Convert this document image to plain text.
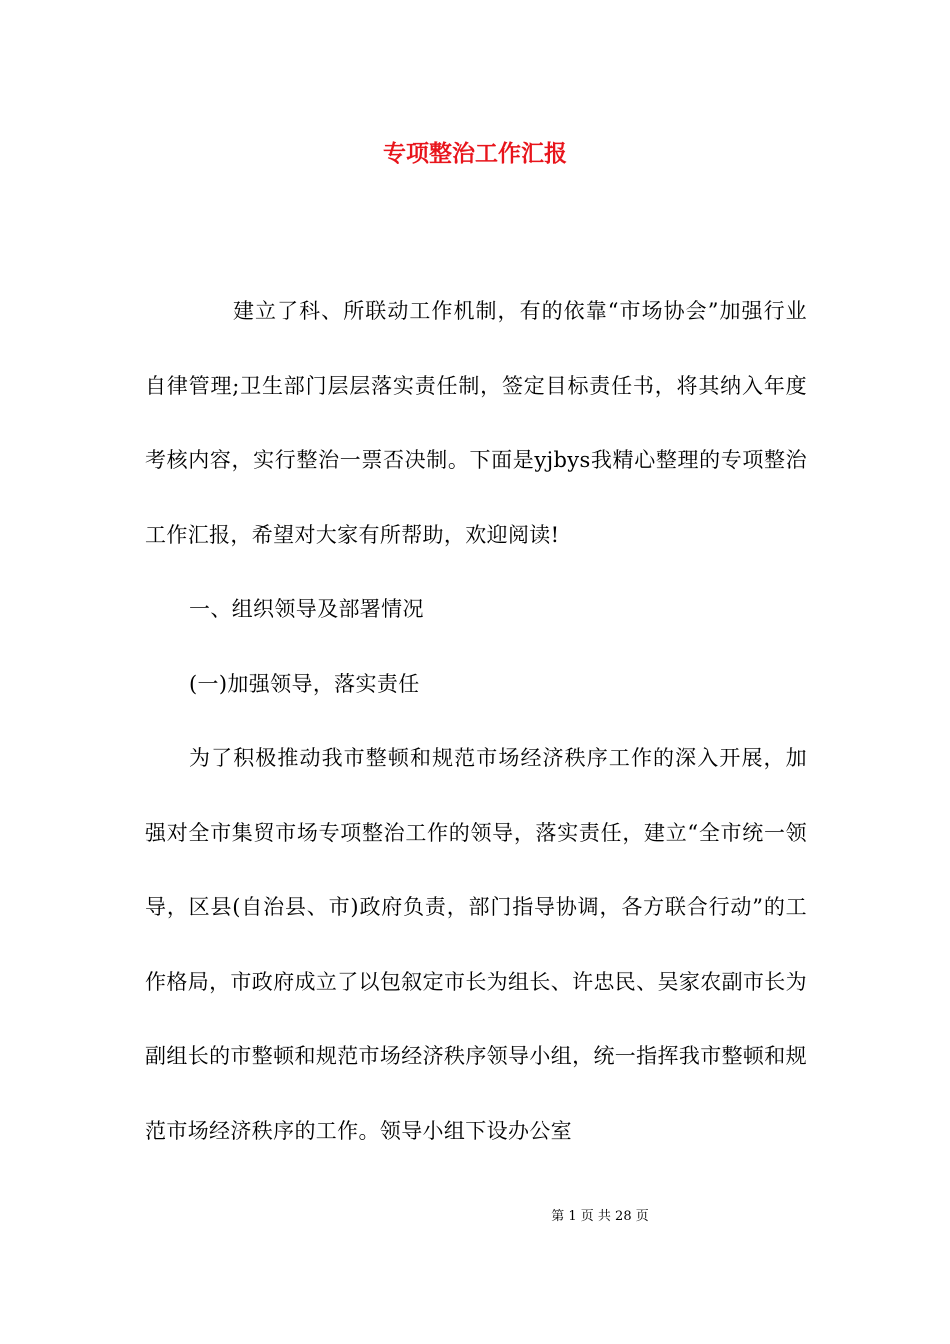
专项整治工作汇报

建立了科、所联动工作机制，有的依靠“市场协会”加强行业自律管理;卫生部门层层落实责任制，签定目标责任书，将其纳入年度考核内容，实行整治一票否决制。下面是yjbys我精心整理的专项整治工作汇报，希望对大家有所帮助，欢迎阅读!

一、组织领导及部署情况

(一)加强领导，落实责任

为了积极推动我市整顿和规范市场经济秩序工作的深入开展，加强对全市集贸市场专项整治工作的领导，落实责任，建立“全市统一领导，区县(自治县、市)政府负责，部门指导协调，各方联合行动”的工作格局，市政府成立了以包叙定市长为组长、许忠民、吴家农副市长为副组长的市整顿和规范市场经济秩序领导小组，统一指挥我市整顿和规范市场经济秩序的工作。领导小组下设办公室

第 1 页 共 28 页
